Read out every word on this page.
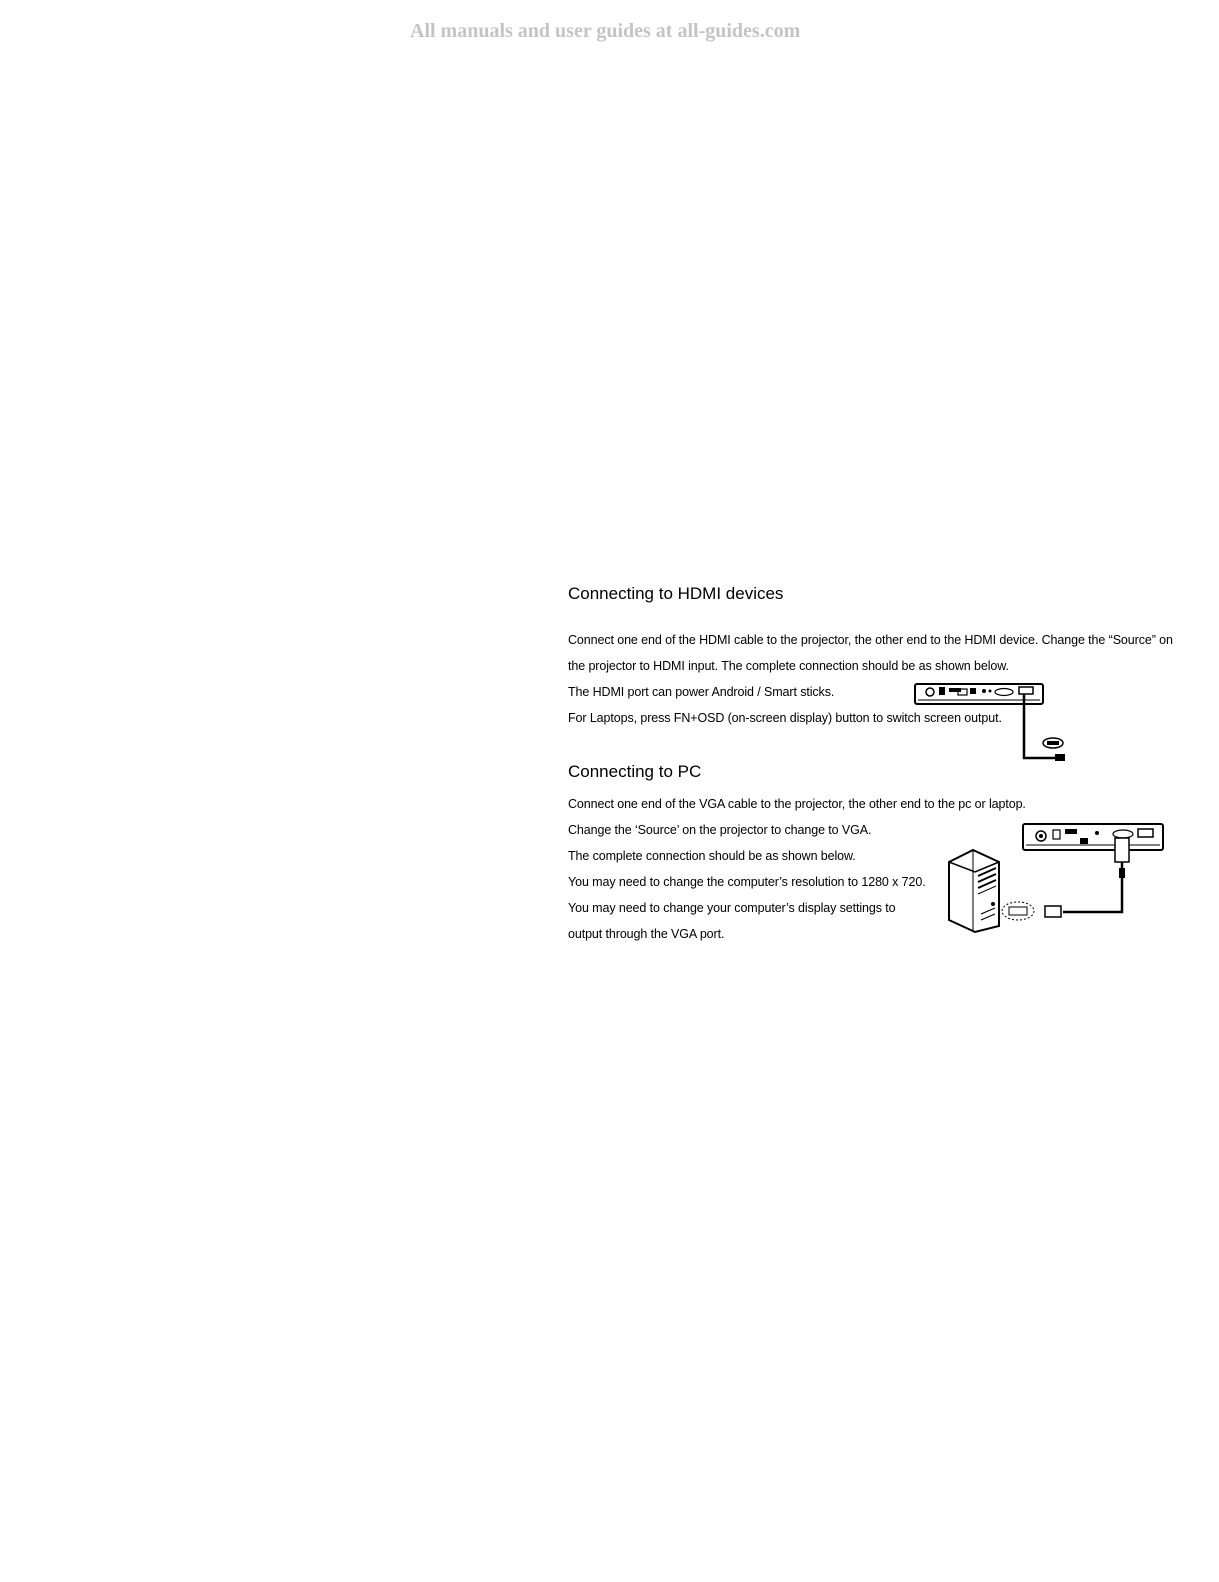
All manuals and user guides at all-guides.com
Connecting to HDMI devices
Connect one end of the HDMI cable to the projector, the other end to the HDMI device. Change the “Source” on
the projector to HDMI input. The complete connection should be as shown below.
The HDMI port can power Android / Smart sticks.
For Laptops, press FN+OSD (on-screen display) button to switch screen output.
Connecting to PC
Connect one end of the VGA cable to the projector, the other end to the pc or laptop.
Change the ‘Source’ on the projector to change to VGA.
The complete connection should be as shown below.
You may need to change the computer’s resolution to 1280 x 720.
You may need to change your computer’s display settings to
output through the VGA port.
